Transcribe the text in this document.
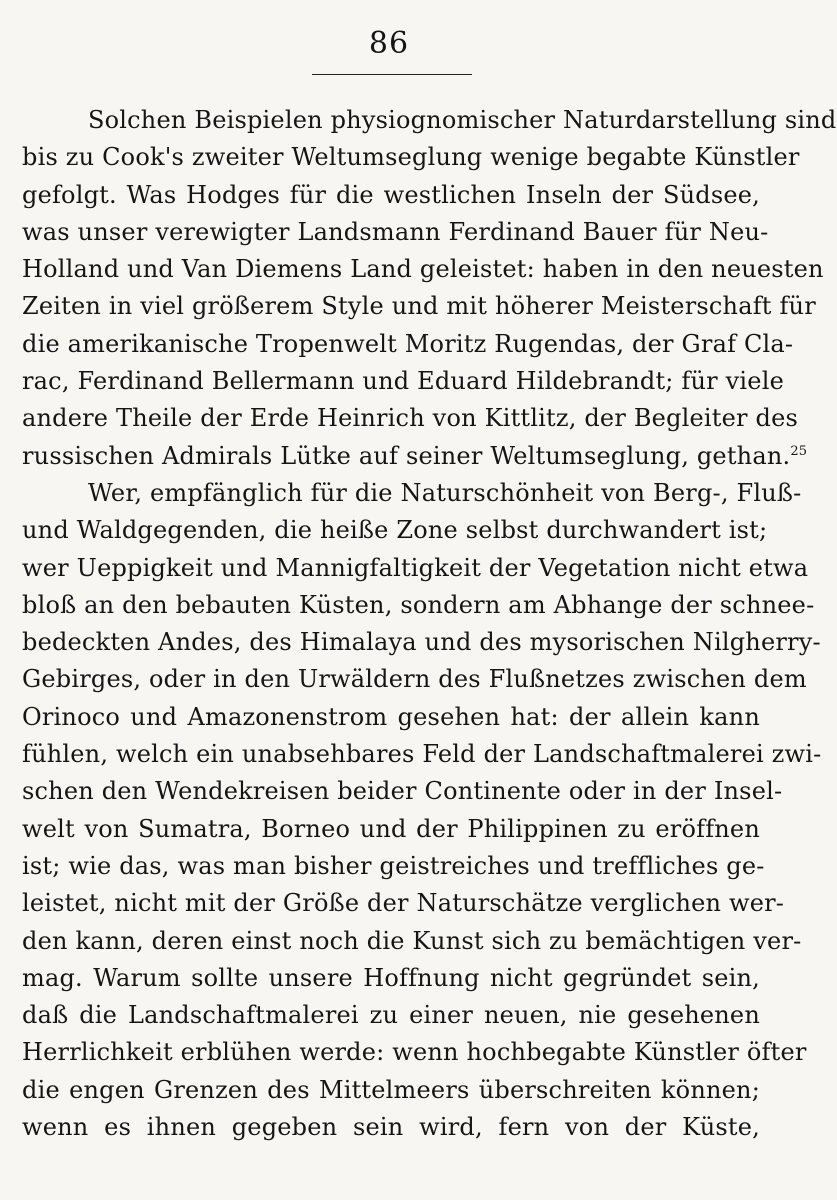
86
Solchen Beispielen physiognomischer Naturdarstellung sind
bis zu Cook's zweiter Weltumseglung wenige begabte Künstler
gefolgt. Was Hodges für die westlichen Inseln der Südsee,
was unser verewigter Landsmann Ferdinand Bauer für Neu-
Holland und Van Diemens Land geleistet: haben in den neuesten
Zeiten in viel größerem Style und mit höherer Meisterschaft für
die amerikanische Tropenwelt Moritz Rugendas, der Graf Cla-
rac, Ferdinand Bellermann und Eduard Hildebrandt; für viele
andere Theile der Erde Heinrich von Kittlitz, der Begleiter des
russischen Admirals Lütke auf seiner Weltumseglung, gethan.$^{25}$
Wer, empfänglich für die Naturschönheit von Berg-, Fluß-
und Waldgegenden, die heiße Zone selbst durchwandert ist;
wer Ueppigkeit und Mannigfaltigkeit der Vegetation nicht etwa
bloß an den bebauten Küsten, sondern am Abhange der schnee-
bedeckten Andes, des Himalaya und des mysorischen Nilgherry-
Gebirges, oder in den Urwäldern des Flußnetzes zwischen dem
Orinoco und Amazonenstrom gesehen hat: der allein kann
fühlen, welch ein unabsehbares Feld der Landschaftmalerei zwi-
schen den Wendekreisen beider Continente oder in der Insel-
welt von Sumatra, Borneo und der Philippinen zu eröffnen
ist; wie das, was man bisher geistreiches und treffliches ge-
leistet, nicht mit der Größe der Naturschätze verglichen wer-
den kann, deren einst noch die Kunst sich zu bemächtigen ver-
mag. Warum sollte unsere Hoffnung nicht gegründet sein,
daß die Landschaftmalerei zu einer neuen, nie gesehenen
Herrlichkeit erblühen werde: wenn hochbegabte Künstler öfter
die engen Grenzen des Mittelmeers überschreiten können;
wenn es ihnen gegeben sein wird, fern von der Küste,
